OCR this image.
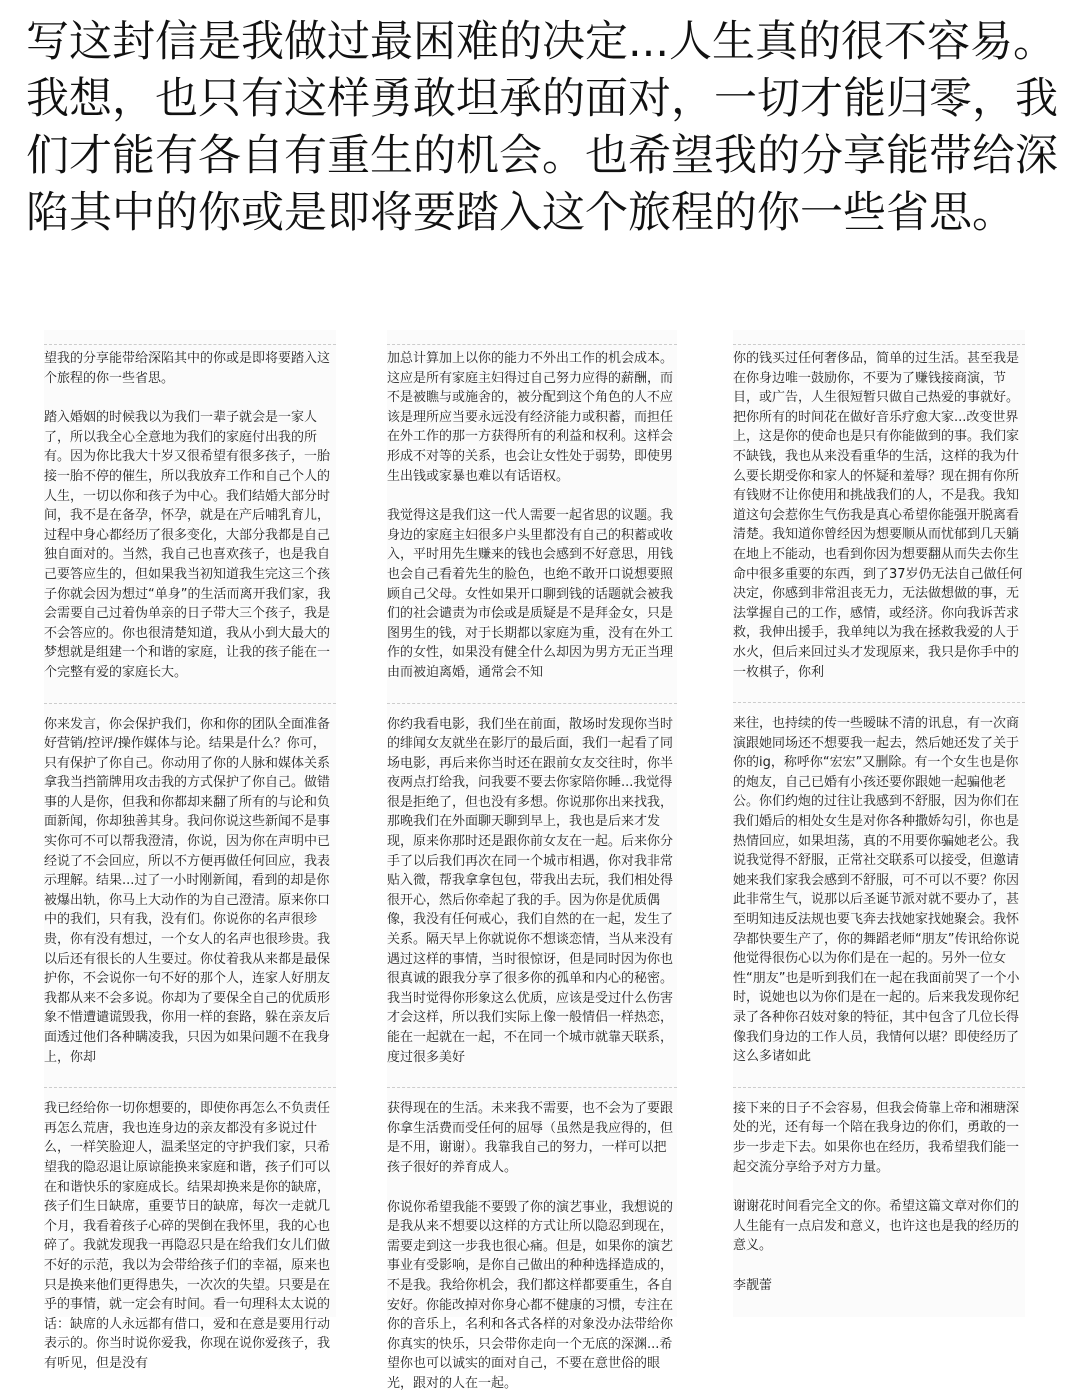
写这封信是我做过最困难的决定...人生真的很不容易。我想，也只有这样勇敢坦承的面对，一切才能归零，我们才能有各自有重生的机会。也希望我的分享能带给深陷其中的你或是即将要踏入这个旅程的你一些省思。

望我的分享能带给深陷其中的你或是即将要踏入这个旅程的你一些省思。

踏入婚姻的时候我以为我们一辈子就会是一家人了，所以我全心全意地为我们的家庭付出我的所有。因为你比我大十岁又很希望有很多孩子，一胎接一胎不停的催生，所以我放弃工作和自己个人的人生，一切以你和孩子为中心。我们结婚大部分时间，我不是在备孕，怀孕，就是在产后哺乳育儿，过程中身心都经历了很多变化，大部分我都是自己独自面对的。当然，我自己也喜欢孩子，也是我自己要答应生的，但如果我当初知道我生完这三个孩子你就会因为想过“单身”的生活而离开我们家，我会需要自己过着伪单亲的日子带大三个孩子，我是不会答应的。你也很清楚知道，我从小到大最大的梦想就是组建一个和谐的家庭，让我的孩子能在一个完整有爱的家庭长大。

你来发言，你会保护我们，你和你的团队全面准备好营销/控评/操作媒体与论。结果是什么？你可，只有保护了你自己。你动用了你的人脉和媒体关系拿我当挡箭牌用攻击我的方式保护了你自己。做错事的人是你，但我和你都却来翻了所有的与论和负面新闻，你却独善其身。我问你说这些新闻不是事实你可不可以帮我澄清，你说，因为你在声明中已经说了不会回应，所以不方便再做任何回应，我表示理解。结果...过了一小时刚新闻，看到的却是你被爆出轨，你马上大动作的为自己澄清。原来你口中的我们，只有我，没有们。你说你的名声很珍贵，你有没有想过，一个女人的名声也很珍贵。我以后还有很长的人生要过。你仗着我从来都是最保护你，不会说你一句不好的那个人，连家人好朋友我都从来不会多说。你却为了要保全自己的优质形象不惜遭谴谎毁我，你用一样的套路，躲在亲友后面透过他们各种瞒凌我，只因为如果问题不在我身上，你却

我已经给你一切你想要的，即使你再怎么不负责任再怎么荒唐，我也连身边的亲友都没有多说过什么，一样笑脸迎人，温柔坚定的守护我们家，只希望我的隐忍退让原谅能换来家庭和谐，孩子们可以在和谐快乐的家庭成长。结果却换来是你的缺席，孩子们生日缺席，重要节日的缺席，每次一走就几个月，我看着孩子心碎的哭倒在我怀里，我的心也碎了。我就发现我一再隐忍只是在给我们女儿们做不好的示范，我以为会带给孩子们的幸福，原来也只是换来他们更得患失，一次次的失望。只要是在乎的事情，就一定会有时间。看一句理科太太说的话：缺席的人永远都有借口，爱和在意是要用行动表示的。你当时说你爱我，你现在说你爱孩子，我有听见，但是没有

加总计算加上以你的能力不外出工作的机会成本。这应是所有家庭主妇得过自己努力应得的薪酬，而不是被瞧与或施舍的，被分配到这个角色的人不应该是理所应当要永远没有经济能力或积蓄，而担任在外工作的那一方获得所有的利益和权利。这样会形成不对等的关系，也会让女性处于弱势，即使男生出钱或家暴也难以有话语权。

我觉得这是我们这一代人需要一起省思的议题。我身边的家庭主妇很多户头里都没有自己的积蓄或收入，平时用先生赚来的钱也会感到不好意思，用钱也会自己看着先生的脸色，也绝不敢开口说想要照顾自己父母。女性如果开口聊到钱的话题就会被我们的社会谴责为市侩或是质疑是不是拜金女，只是图男生的钱，对于长期都以家庭为重，没有在外工作的女性，如果没有健全什么却因为男方无正当理由而被迫离婚，通常会不知

你约我看电影，我们坐在前面，散场时发现你当时的绯闻女友就坐在影厅的最后面，我们一起看了同场电影，再后来你当时还在跟前女友交往时，你半夜两点打给我，问我要不要去你家陪你睡...我觉得很是拒绝了，但也没有多想。你说那你出来找我，那晚我们在外面聊天聊到早上，我也是后来才发现，原来你那时还是跟你前女友在一起。后来你分手了以后我们再次在同一个城市相遇，你对我非常贴入微，帮我拿拿包包，带我出去玩，我们相处得很开心，然后你牵起了我的手。因为你是优质偶像，我没有任何戒心，我们自然的在一起，发生了关系。隔天早上你就说你不想谈恋情，当从来没有遇过这样的事情，当时很惊讶，但是同时因为你也很真诚的跟我分享了很多你的孤单和内心的秘密。我当时觉得你形象这么优质，应该是受过什么伤害才会这样，所以我们实际上像一般情侣一样热恋，能在一起就在一起，不在同一个城市就靠天联系，度过很多美好

获得现在的生活。未来我不需要，也不会为了要跟你拿生活费而受任何的屈辱（虽然是我应得的，但是不用，谢谢）。我靠我自己的努力，一样可以把孩子很好的养育成人。

你说你希望我能不要毁了你的演艺事业，我想说的是我从来不想要以这样的方式让所以隐忍到现在，需要走到这一步我也很心痛。但是，如果你的演艺事业有受影响，是你自己做出的种种选择造成的，不是我。我给你机会，我们都这样都要重生，各自安好。你能改掉对你身心都不健康的习惯，专注在你的音乐上，名利和各式各样的对象没办法带给你你真实的快乐，只会带你走向一个无底的深渊...希望你也可以诚实的面对自己，不要在意世俗的眼光，跟对的人在一起。

你的钱买过任何奢侈品，简单的过生活。甚至我是在你身边唯一鼓励你，不要为了赚钱接商演，节目，或广告，人生很短暂只做自己热爱的事就好。把你所有的时间花在做好音乐疗愈大家...改变世界上，这是你的使命也是只有你能做到的事。我们家不缺钱，我也从来没看重华的生活，这样的我为什么要长期受你和家人的怀疑和羞辱？现在拥有你所有钱财不让你使用和挑战我们的人，不是我。我知道这句会惹你生气伤我是真心希望你能强开脱离看清楚。我知道你曾经因为想要顺从而忧郁到几天躺在地上不能动，也看到你因为想要翻从而失去你生命中很多重要的东西，到了37岁仍无法自己做任何决定，你感到非常沮丧无力，无法做想做的事，无法掌握自己的工作，感情，或经济。你向我诉苦求救，我伸出援手，我单纯以为我在拯救我爱的人于水火，但后来回过头才发现原来，我只是你手中的一枚棋子，你利

来往，也持续的传一些暧昧不清的讯息，有一次商演跟她同场还不想要我一起去，然后她还发了关于你的ig，称呼你“宏宏”又删除。有一个女生也是你的炮友，自己已婚有小孩还要你跟她一起骗他老公。你们约炮的过往让我感到不舒服，因为你们在我们婚后的相处女生是对你各种撒娇勾引，你也是热情回应，如果坦荡，真的不用要你骗她老公。我说我觉得不舒服，正常社交联系可以接受，但邀请她来我们家我会感到不舒服，可不可以不要？你因此非常生气，说那以后圣诞节派对就不要办了，甚至明知违反法规也要飞奔去找她家找她聚会。我怀孕都快要生产了，你的舞蹈老师“朋友”传讯给你说他觉得很伤心以为你们是在一起的。另外一位女性“朋友”也是听到我们在一起在我面前哭了一个小时，说她也以为你们是在一起的。后来我发现你纪录了各种你召妓对象的特征，其中包含了几位长得像我们身边的工作人员，我情何以堪？即使经历了这么多诸如此

接下来的日子不会容易，但我会倚靠上帝和湘瑭深处的光，还有每一个陪在我身边的你们，勇敢的一步一步走下去。如果你也在经历，我希望我们能一起交流分享给予对方力量。

谢谢花时间看完全文的你。希望这篇文章对你们的人生能有一点启发和意义，也许这也是我的经历的意义。

李靓蕾
